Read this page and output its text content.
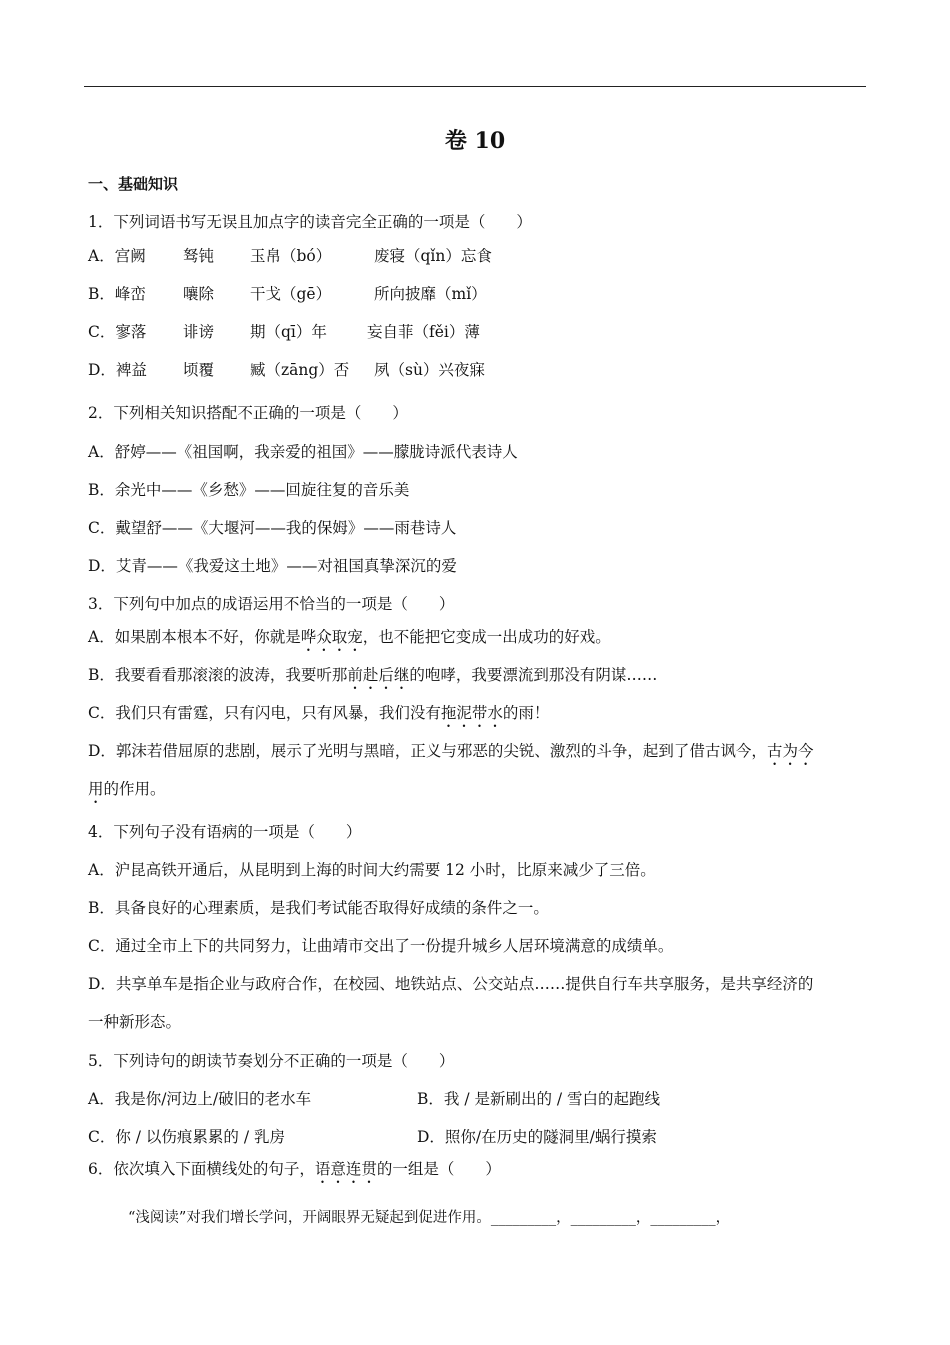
卷 10
一、基础知识
1．下列词语书写无误且加点字的读音完全正确的一项是（　　）
A．宫阙 驽钝 玉帛（bó）	废寝（qǐn）忘食
B．峰峦 嚷除 干戈（gē）	所向披靡（mǐ）
C．寥落 诽谤 期（qī）年	妄自菲（fěi）薄
D．裨益 顷覆 臧（zāng）否 夙（sù）兴夜寐
2．下列相关知识搭配不正确的一项是（　　）
A．舒婷——《祖国啊，我亲爱的祖国》——朦胧诗派代表诗人
B．余光中——《乡愁》——回旋往复的音乐美
C．戴望舒——《大堰河——我的保姆》——雨巷诗人
D．艾青——《我爱这土地》——对祖国真挚深沉的爱
3．下列句中加点的成语运用不恰当的一项是（　　）
A．如果剧本根本不好，你就是哗众取宠，也不能把它变成一出成功的好戏。
B．我要看看那滚滚的波涛，我要听那前赴后继的咆哮，我要漂流到那没有阴谋……
C．我们只有雷霆，只有闪电，只有风暴，我们没有拖泥带水的雨！
D．郭沫若借屈原的悲剧，展示了光明与黑暗，正义与邪恶的尖锐、激烈的斗争，起到了借古讽今，古为今
用的作用。
4．下列句子没有语病的一项是（　　）
A．沪昆高铁开通后，从昆明到上海的时间大约需要 12 小时，比原来减少了三倍。
B．具备良好的心理素质，是我们考试能否取得好成绩的条件之一。
C．通过全市上下的共同努力，让曲靖市交出了一份提升城乡人居环境满意的成绩单。
D．共享单车是指企业与政府合作，在校园、地铁站点、公交站点……提供自行车共享服务，是共享经济的
一种新形态。
5．下列诗句的朗读节奏划分不正确的一项是（　　）
A．我是你/河边上/破旧的老水车	B．我 / 是新刷出的 / 雪白的起跑线
C．你 / 以伤痕累累的 / 乳房	D．照你/在历史的隧洞里/蜗行摸索
6．依次填入下面横线处的句子，语意连贯的一组是（　　）
“浅阅读”对我们增长学问，开阔眼界无疑起到促进作用。_________，_________，_________，
